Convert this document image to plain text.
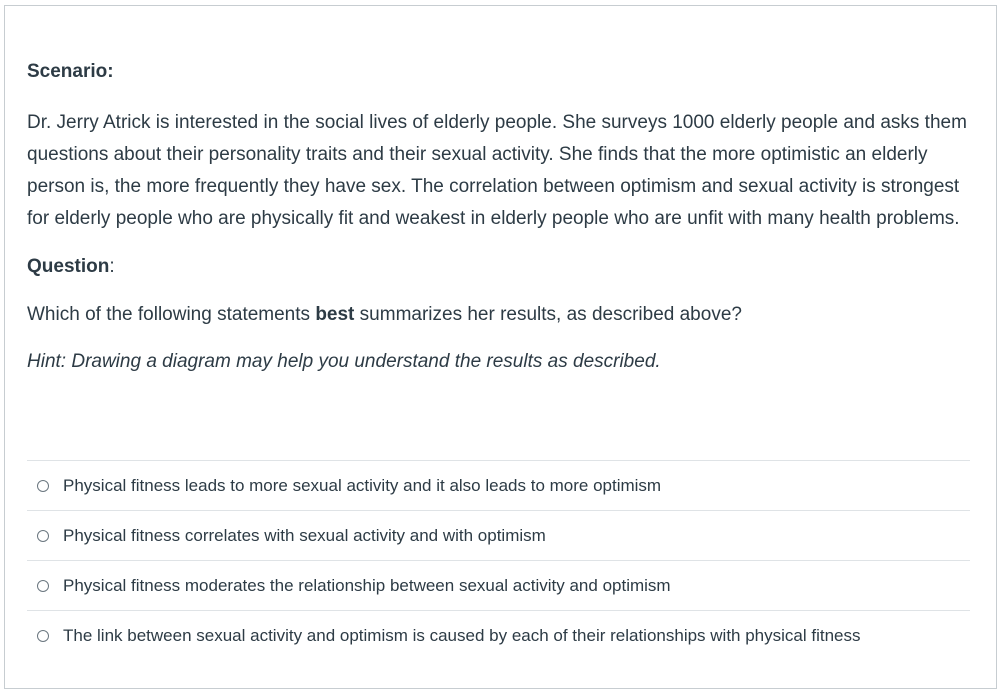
Scenario:

Dr. Jerry Atrick is interested in the social lives of elderly people. She surveys 1000 elderly people and asks them questions about their personality traits and their sexual activity. She finds that the more optimistic an elderly person is, the more frequently they have sex. The correlation between optimism and sexual activity is strongest for elderly people who are physically fit and weakest in elderly people who are unfit with many health problems.

Question:

Which of the following statements best summarizes her results, as described above?

Hint: Drawing a diagram may help you understand the results as described.

Physical fitness leads to more sexual activity and it also leads to more optimism
Physical fitness correlates with sexual activity and with optimism
Physical fitness moderates the relationship between sexual activity and optimism
The link between sexual activity and optimism is caused by each of their relationships with physical fitness
